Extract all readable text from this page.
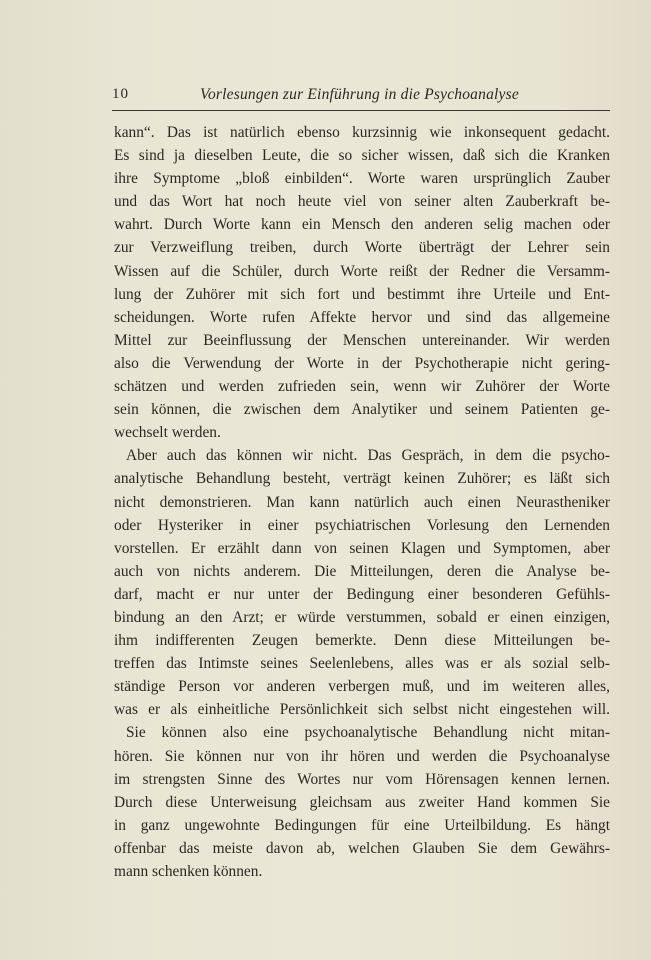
10	Vorlesungen zur Einführung in die Psychoanalyse
kann“. Das ist natürlich ebenso kurzsinnig wie inkonsequent gedacht.
Es sind ja dieselben Leute, die so sicher wissen, daß sich die Kranken
ihre Symptome „bloß einbilden“. Worte waren ursprünglich Zauber
und das Wort hat noch heute viel von seiner alten Zauberkraft be-
wahrt. Durch Worte kann ein Mensch den anderen selig machen oder
zur Verzweiflung treiben, durch Worte überträgt der Lehrer sein
Wissen auf die Schüler, durch Worte reißt der Redner die Versamm-
lung der Zuhörer mit sich fort und bestimmt ihre Urteile und Ent-
scheidungen. Worte rufen Affekte hervor und sind das allgemeine
Mittel zur Beeinflussung der Menschen untereinander. Wir werden
also die Verwendung der Worte in der Psychotherapie nicht gering-
schätzen und werden zufrieden sein, wenn wir Zuhörer der Worte
sein können, die zwischen dem Analytiker und seinem Patienten ge-
wechselt werden.
Aber auch das können wir nicht. Das Gespräch, in dem die psycho-
analytische Behandlung besteht, verträgt keinen Zuhörer; es läßt sich
nicht demonstrieren. Man kann natürlich auch einen Neurastheniker
oder Hysteriker in einer psychiatrischen Vorlesung den Lernenden
vorstellen. Er erzählt dann von seinen Klagen und Symptomen, aber
auch von nichts anderem. Die Mitteilungen, deren die Analyse be-
darf, macht er nur unter der Bedingung einer besonderen Gefühls-
bindung an den Arzt; er würde verstummen, sobald er einen einzigen,
ihm indifferenten Zeugen bemerkte. Denn diese Mitteilungen be-
treffen das Intimste seines Seelenlebens, alles was er als sozial selb-
ständige Person vor anderen verbergen muß, und im weiteren alles,
was er als einheitliche Persönlichkeit sich selbst nicht eingestehen will.
Sie können also eine psychoanalytische Behandlung nicht mitan-
hören. Sie können nur von ihr hören und werden die Psychoanalyse
im strengsten Sinne des Wortes nur vom Hörensagen kennen lernen.
Durch diese Unterweisung gleichsam aus zweiter Hand kommen Sie
in ganz ungewohnte Bedingungen für eine Urteilbildung. Es hängt
offenbar das meiste davon ab, welchen Glauben Sie dem Gewährs-
mann schenken können.
